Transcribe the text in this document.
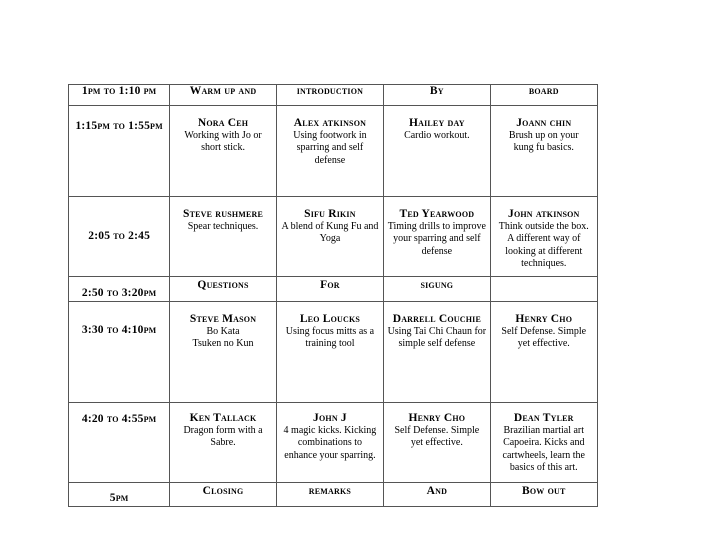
1pm to 1:10 pm	Warm up and	introduction	By	board
1:15pm to 1:55pm	Nora Ceh
Working with Jo or
short stick.	Alex atkinson
Using footwork in
sparring and self
defense	Hailey day
Cardio workout.	Joann chin
Brush up on your
kung fu basics.

2:05 to 2:45	Steve rushmere
Spear techniques.	Sifu Rikin
A blend of Kung Fu and
Yoga	Ted Yearwood
Timing drills to improve
your sparring and self
defense	John atkinson
Think outside the box.
A different way of
looking at different
techniques.

2:50 to 3:20pm	Questions	For	sigung	
3:30 to 4:10pm	Steve Mason
Bo Kata
Tsuken no Kun	Leo Loucks
Using focus mitts as a
training tool	Darrell Couchie
Using Tai Chi Chaun for
simple self defense	Henry Cho
Self Defense. Simple
yet effective.

4:20 to 4:55pm	Ken Tallack
Dragon form with a
Sabre.	John J
4 magic kicks. Kicking
combinations to
enhance your sparring.	Henry Cho
Self Defense. Simple
yet effective.	Dean Tyler
Brazilian martial art
Capoeira. Kicks and
cartwheels, learn the
basics of this art.

5pm	Closing	remarks	And	Bow out
